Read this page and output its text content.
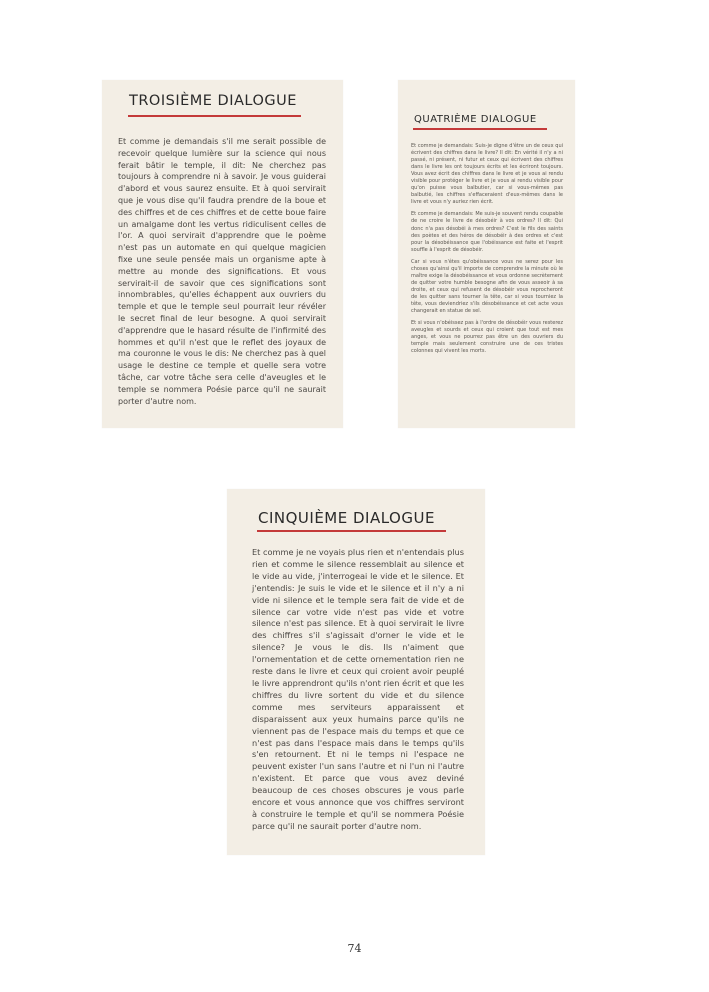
TROISIÈME DIALOGUE
Et comme je demandais s'il me serait possible de recevoir quelque lumière sur la science qui nous ferait bâtir le temple, il dit: Ne cherchez pas toujours à comprendre ni à savoir. Je vous guiderai d'abord et vous saurez ensuite. Et à quoi servirait que je vous dise qu'il faudra prendre de la boue et des chiffres et de ces chiffres et de cette boue faire un amalgame dont les vertus ridiculisent celles de l'or. A quoi servirait d'apprendre que le poème n'est pas un automate en qui quelque magicien fixe une seule pensée mais un organisme apte à mettre au monde des significations. Et vous servirait-il de savoir que ces significations sont innombrables, qu'elles échappent aux ouvriers du temple et que le temple seul pourrait leur révéler le secret final de leur besogne. A quoi servirait d'apprendre que le hasard résulte de l'infirmité des hommes et qu'il n'est que le reflet des joyaux de ma couronne le vous le dis: Ne cherchez pas à quel usage le destine ce temple et quelle sera votre tâche, car votre tâche sera celle d'aveugles et le temple se nommera Poésie parce qu'il ne saurait porter d'autre nom.
QUATRIÈME DIALOGUE

Et comme je demandais: Suis-je digne d'être un de ceux qui écrivent des chiffres dans le livre? Il dit: En vérité il n'y a ni passé, ni présent, ni futur et ceux qui écrivent des chiffres dans le livre les ont toujours écrits et les écriront toujours. Vous avez écrit des chiffres dans le livre et je vous ai rendu visible pour protéger le livre et je vous ai rendu visible pour qu'on puisse vous balbutier, car si vous-mêmes pas balbutié, les chiffres s'effaceraient d'eux-mêmes dans le livre et vous n'y auriez rien écrit.

Et comme je demandais: Me suis-je souvent rendu coupable de ne croire le livre de désobéir à vos ordres? Il dit: Qui donc n'a pas désobéi à mes ordres? C'est le fils des saints des poètes et des héros de désobéir à des ordres et c'est pour la désobéissance que l'obéissance est faite et l'esprit souffle à l'esprit de désobéir.

Car si vous n'êtes qu'obéissance vous ne serez pour les choses qu'ainsi qu'il importe de comprendre la minute où le maître exige la désobéissance et vous ordonne secrètement de quitter votre humble besogne afin de vous asseoir à sa droite, et ceux qui refusent de désobéir vous reprocheront de les quitter sans tourner la tête, car si vous tourniez la tête, vous deviendriez s'ils désobéissance et cet acte vous changerait en statue de sel.

Et si vous n'obéissez pas à l'ordre de désobéir vous resterez aveugles et sourds et ceux qui croient que tout est mes anges, et vous ne pourrez pas être un des ouvriers du temple mais seulement construire une de ces tristes colonnes qui vivent les morts.

CINQUIÈME DIALOGUE
Et comme je ne voyais plus rien et n'entendais plus rien et comme le silence ressemblait au silence et le vide au vide, j'interrogeai le vide et le silence. Et j'entendis: Je suis le vide et le silence et il n'y a ni vide ni silence et le temple sera fait de vide et de silence car votre vide n'est pas vide et votre silence n'est pas silence. Et à quoi servirait le livre des chiffres s'il s'agissait d'orner le vide et le silence? Je vous le dis. Ils n'aiment que l'ornementation et de cette ornementation rien ne reste dans le livre et ceux qui croient avoir peuplé le livre apprendront qu'ils n'ont rien écrit et que les chiffres du livre sortent du vide et du silence comme mes serviteurs apparaissent et disparaissent aux yeux humains parce qu'ils ne viennent pas de l'espace mais du temps et que ce n'est pas dans l'espace mais dans le temps qu'ils s'en retournent. Et ni le temps ni l'espace ne peuvent exister l'un sans l'autre et ni l'un ni l'autre n'existent. Et parce que vous avez deviné beaucoup de ces choses obscures je vous parle encore et vous annonce que vos chiffres serviront à construire le temple et qu'il se nommera Poésie parce qu'il ne saurait porter d'autre nom.
74
